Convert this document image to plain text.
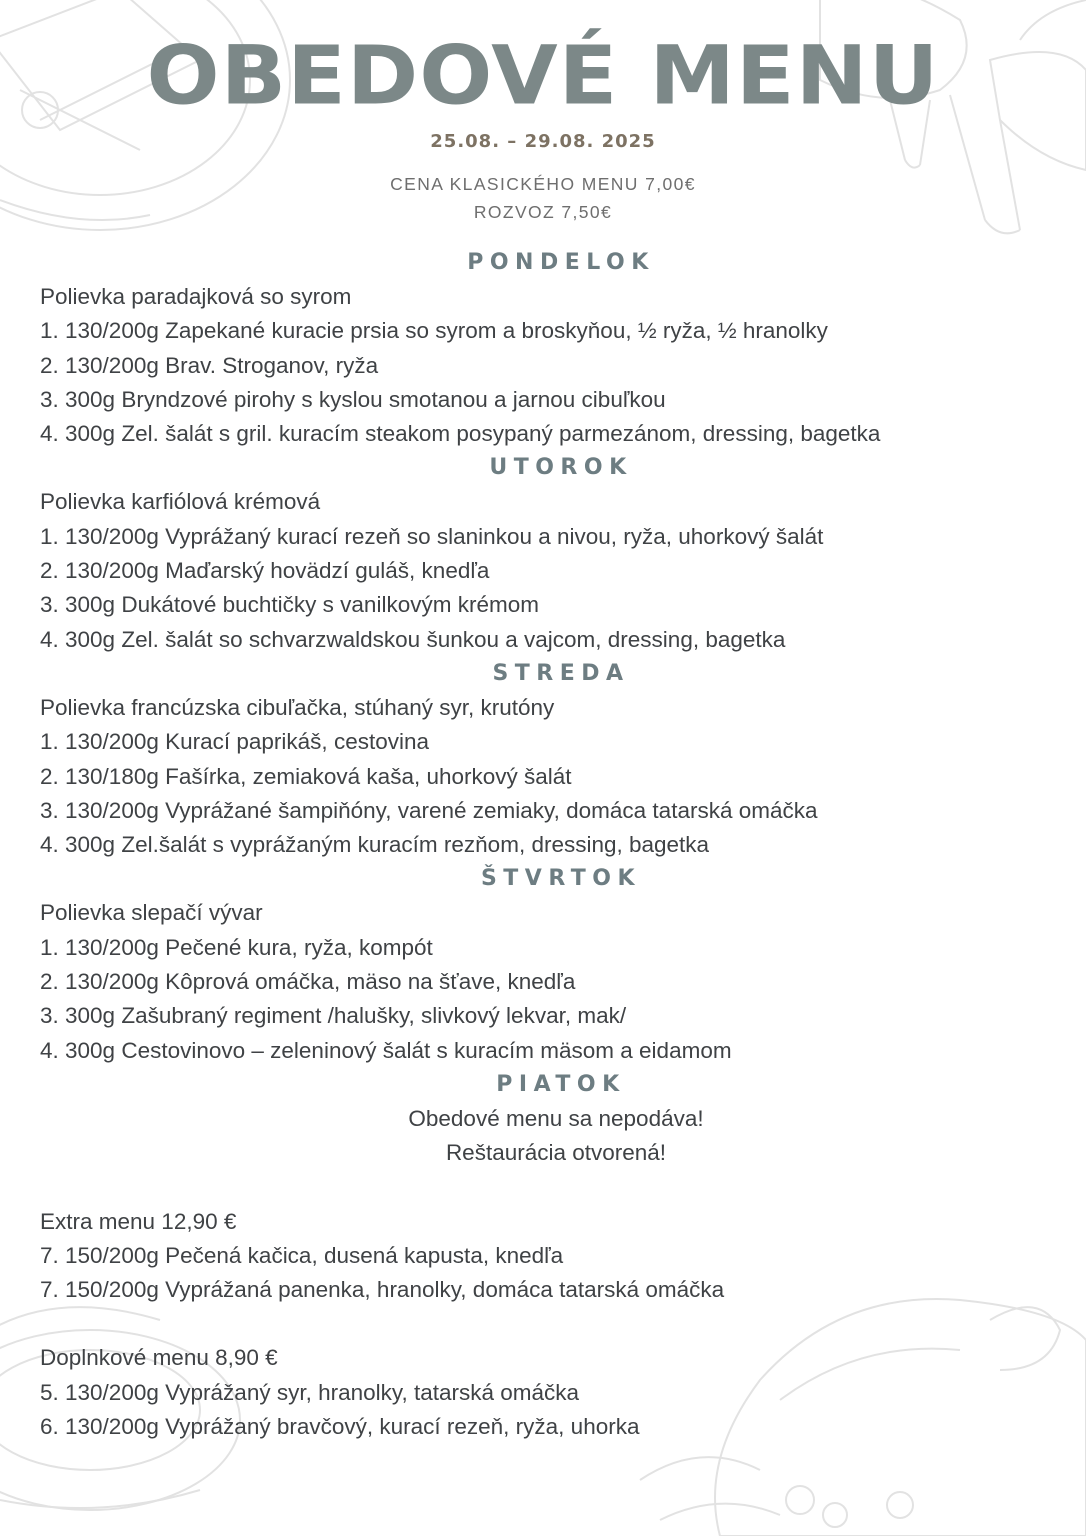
OBEDOVÉ MENU
25.08. – 29.08. 2025
CENA KLASICKÉHO MENU 7,00€
ROZVOZ 7,50€
PONDELOK
Polievka paradajková so syrom
1. 130/200g Zapekané kuracie prsia so syrom a broskyňou, ½ ryža, ½ hranolky
2. 130/200g Brav. Stroganov, ryža
3. 300g Bryndzové pirohy s kyslou smotanou a jarnou cibuľkou
4. 300g Zel. šalát s gril. kuracím steakom posypaný parmezánom, dressing, bagetka
UTOROK
Polievka karfiólová krémová
1. 130/200g Vyprážaný kurací rezeň so slaninkou a nivou, ryža, uhorkový šalát
2. 130/200g Maďarský hovädzí guláš, knedľa
3. 300g Dukátové buchtičky s vanilkovým krémom
4. 300g Zel. šalát so schvarzwaldskou šunkou a vajcom, dressing, bagetka
STREDA
Polievka francúzska cibuľačka, stúhaný syr, krutóny
1. 130/200g Kurací paprikáš, cestovina
2. 130/180g Fašírka, zemiaková kaša, uhorkový šalát
3. 130/200g Vyprážané šampiňóny, varené zemiaky, domáca tatarská omáčka
4. 300g Zel.šalát s vyprážaným kuracím rezňom, dressing, bagetka
ŠTVRTOK
Polievka slepačí vývar
1. 130/200g Pečené kura, ryža, kompót
2. 130/200g Kôprová omáčka, mäso na šťave, knedľa
3. 300g Zašubraný regiment /halušky, slivkový lekvar, mak/
4. 300g Cestovinovo – zeleninový šalát s kuracím mäsom a eidamom
PIATOK
Obedové menu sa nepodáva!
Reštaurácia otvorená!
Extra menu 12,90 €
7. 150/200g Pečená kačica, dusená kapusta, knedľa
7. 150/200g Vyprážaná panenka, hranolky, domáca tatarská omáčka
Doplnkové menu 8,90 €
5. 130/200g Vyprážaný syr, hranolky, tatarská omáčka
6. 130/200g Vyprážaný bravčový, kurací rezeň, ryža, uhorka
